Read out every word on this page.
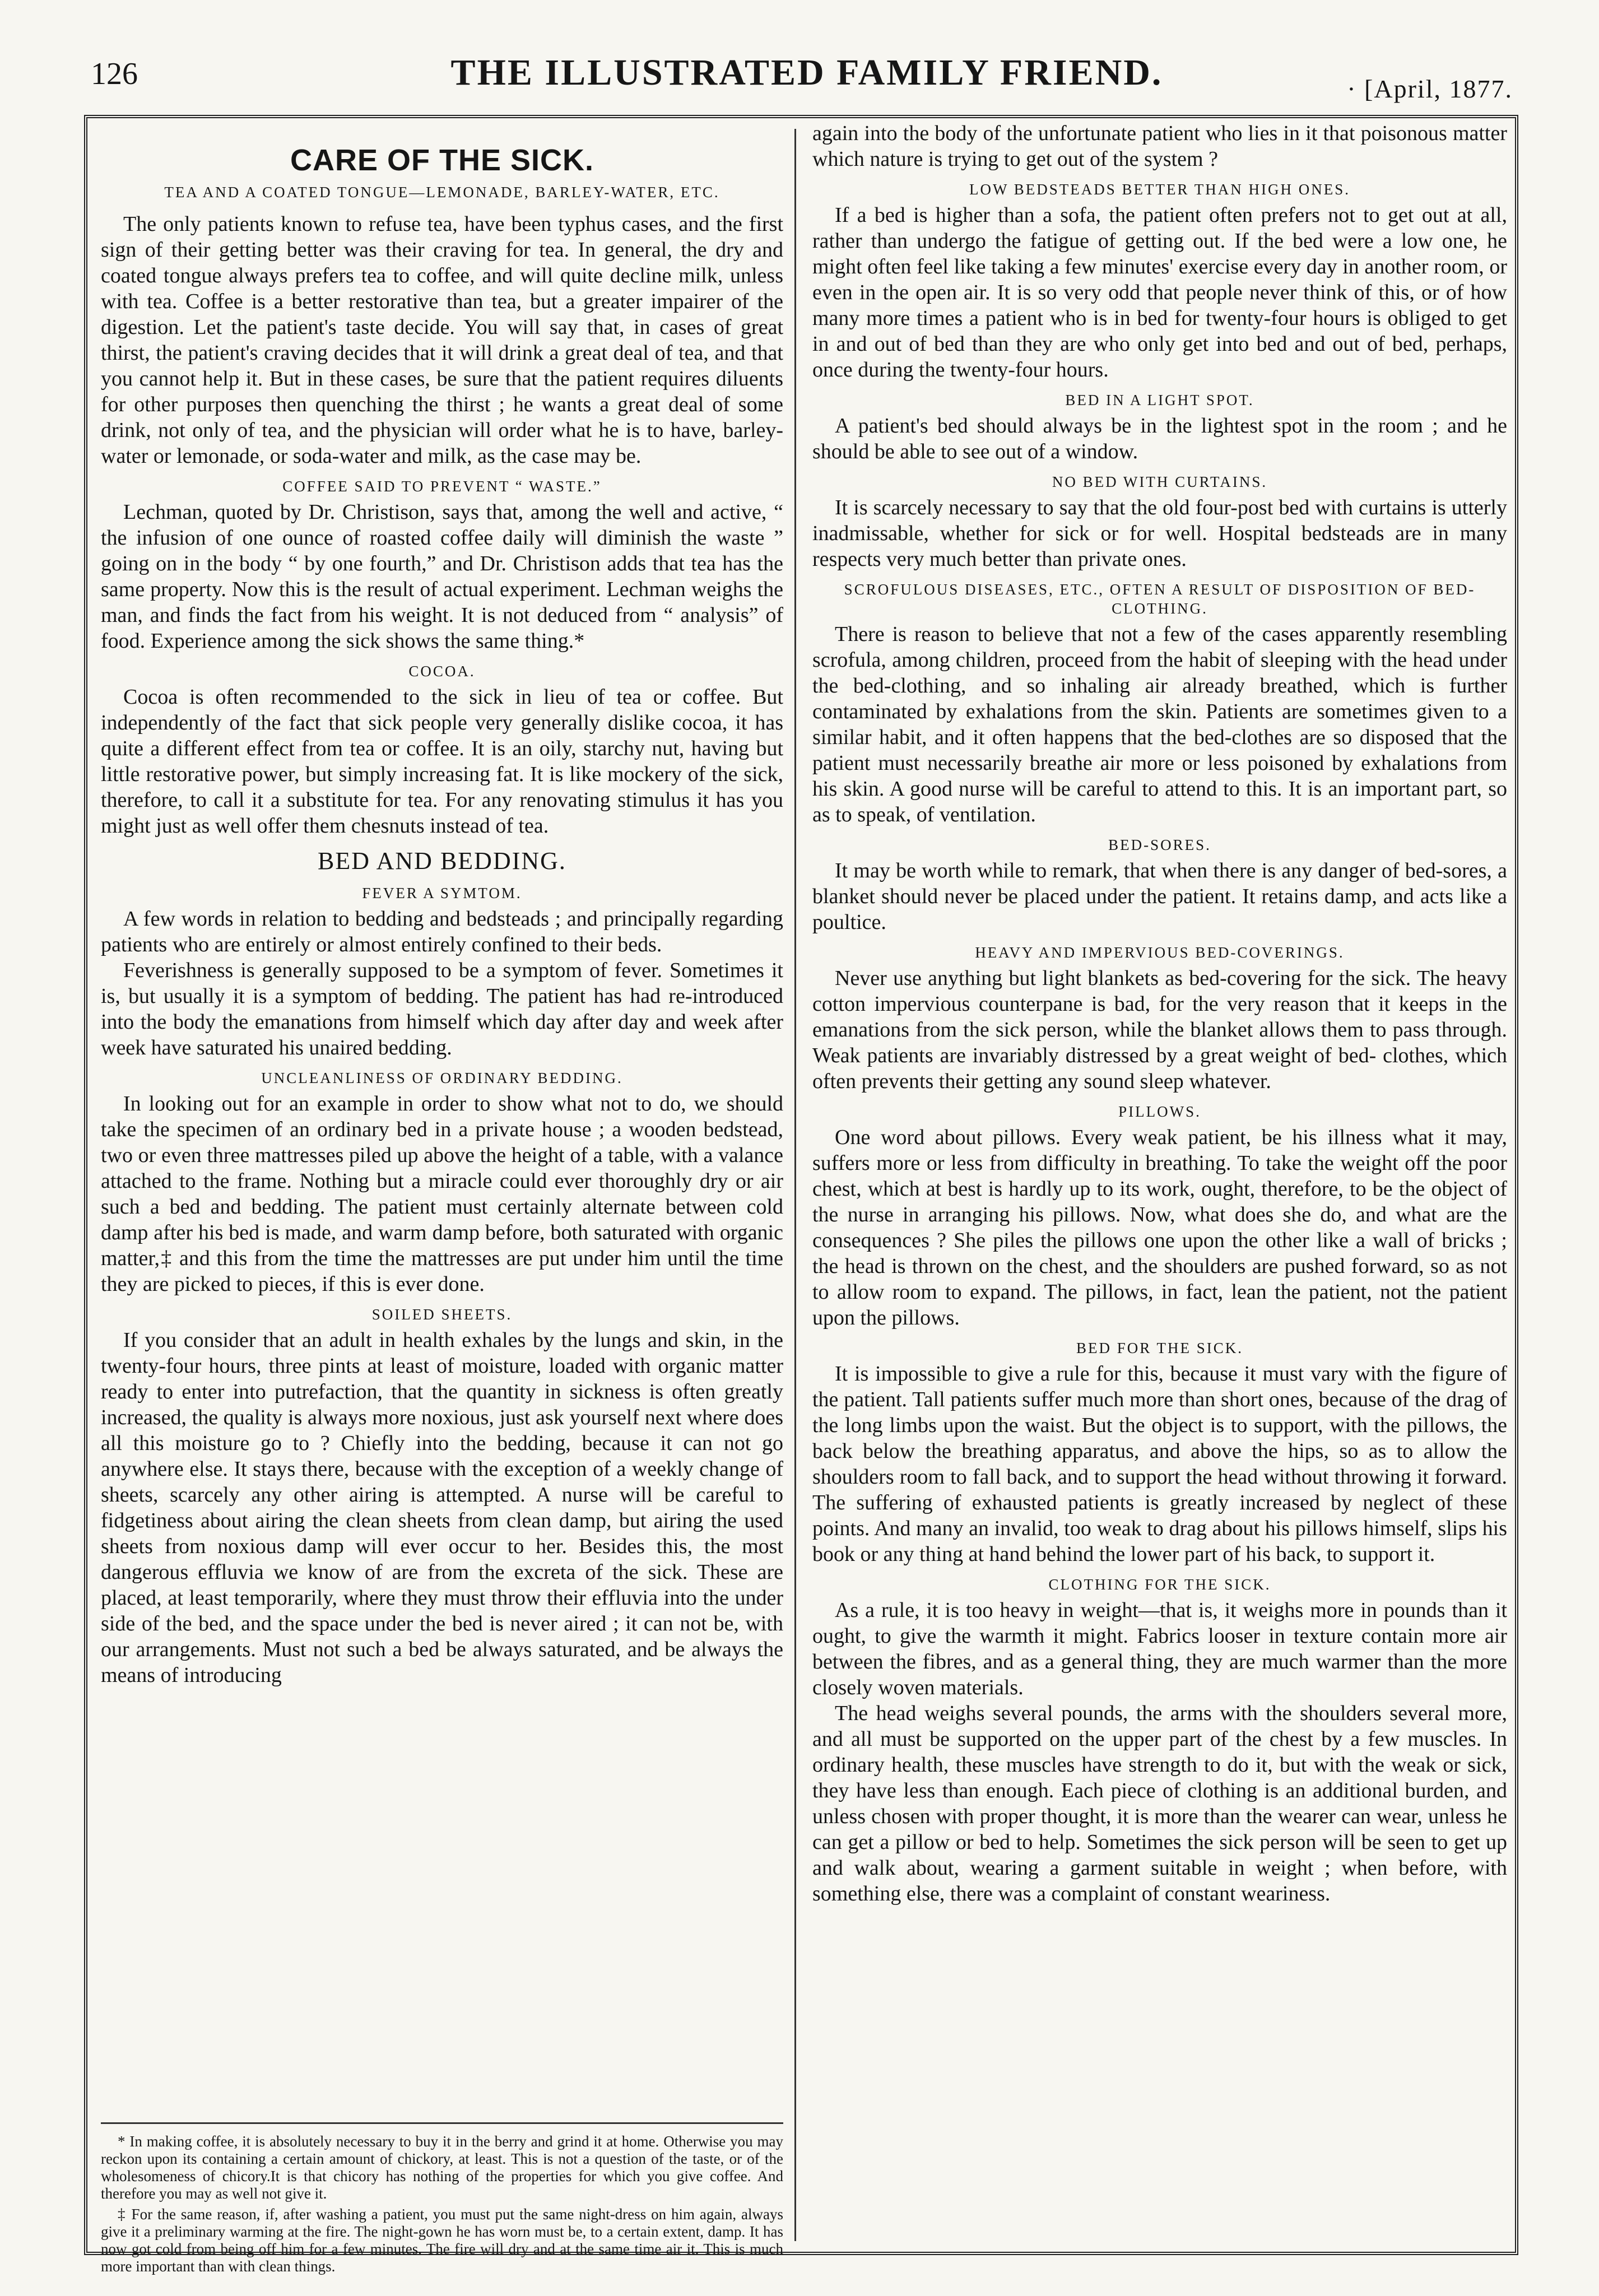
126	THE ILLUSTRATED FAMILY FRIEND.	· [April, 1877.
CARE OF THE SICK.
TEA AND A COATED TONGUE—LEMONADE, BARLEY-WATER, ETC.

The only patients known to refuse tea, have been typhus cases, and the first sign of their getting better was their craving for tea. In general, the dry and coated tongue always prefers tea to coffee, and will quite decline milk, unless with tea. Coffee is a better restorative than tea, but a greater impairer of the digestion. Let the patient's taste decide. You will say that, in cases of great thirst, the patient's craving decides that it will drink a great deal of tea, and that you cannot help it. But in these cases, be sure that the patient requires diluents for other purposes then quenching the thirst ; he wants a great deal of some drink, not only of tea, and the physician will order what he is to have, barley-water or lemonade, or soda-water and milk, as the case may be.

COFFEE SAID TO PREVENT “ WASTE.”

Lechman, quoted by Dr. Christison, says that, among the well and active, “ the infusion of one ounce of roasted coffee daily will diminish the waste ” going on in the body “ by one fourth,” and Dr. Christison adds that tea has the same property. Now this is the result of actual experiment. Lechman weighs the man, and finds the fact from his weight. It is not deduced from “ analysis” of food. Experience among the sick shows the same thing.*

COCOA.

Cocoa is often recommended to the sick in lieu of tea or coffee. But independently of the fact that sick people very generally dislike cocoa, it has quite a different effect from tea or coffee. It is an oily, starchy nut, having but little restorative power, but simply increasing fat. It is like mockery of the sick, therefore, to call it a substitute for tea. For any renovating stimulus it has you might just as well offer them chesnuts instead of tea.

BED AND BEDDING.
FEVER A SYMTOM.

A few words in relation to bedding and bedsteads ; and principally regarding patients who are entirely or almost entirely confined to their beds.

Feverishness is generally supposed to be a symptom of fever. Sometimes it is, but usually it is a symptom of bedding. The patient has had re-introduced into the body the emanations from himself which day after day and week after week have saturated his unaired bedding.

UNCLEANLINESS OF ORDINARY BEDDING.

In looking out for an example in order to show what not to do, we should take the specimen of an ordinary bed in a private house ; a wooden bedstead, two or even three mattresses piled up above the height of a table, with a valance attached to the frame. Nothing but a miracle could ever thoroughly dry or air such a bed and bedding. The patient must certainly alternate between cold damp after his bed is made, and warm damp before, both saturated with organic matter,‡ and this from the time the mattresses are put under him until the time they are picked to pieces, if this is ever done.

SOILED SHEETS.

If you consider that an adult in health exhales by the lungs and skin, in the twenty-four hours, three pints at least of moisture, loaded with organic matter ready to enter into putrefaction, that the quantity in sickness is often greatly increased, the quality is always more noxious, just ask yourself next where does all this moisture go to ? Chiefly into the bedding, because it can not go anywhere else. It stays there, because with the exception of a weekly change of sheets, scarcely any other airing is attempted. A nurse will be careful to fidgetiness about airing the clean sheets from clean damp, but airing the used sheets from noxious damp will ever occur to her. Besides this, the most dangerous effluvia we know of are from the excreta of the sick. These are placed, at least temporarily, where they must throw their effluvia into the under side of the bed, and the space under the bed is never aired ; it can not be, with our arrangements. Must not such a bed be always saturated, and be always the means of introducing

* In making coffee, it is absolutely necessary to buy it in the berry and grind it at home. Otherwise you may reckon upon its containing a certain amount of chickory, at least. This is not a question of the taste, or of the wholesomeness of chicory.It is that chicory has nothing of the properties for which you give coffee. And therefore you may as well not give it.

‡ For the same reason, if, after washing a patient, you must put the same night-dress on him again, always give it a preliminary warming at the fire. The night-gown he has worn must be, to a certain extent, damp. It has now got cold from being off him for a few minutes. The fire will dry and at the same time air it. This is much more important than with clean things.

again into the body of the unfortunate patient who lies in it that poisonous matter which nature is trying to get out of the system ?

LOW BEDSTEADS BETTER THAN HIGH ONES.

If a bed is higher than a sofa, the patient often prefers not to get out at all, rather than undergo the fatigue of getting out. If the bed were a low one, he might often feel like taking a few minutes' exercise every day in another room, or even in the open air. It is so very odd that people never think of this, or of how many more times a patient who is in bed for twenty-four hours is obliged to get in and out of bed than they are who only get into bed and out of bed, perhaps, once during the twenty-four hours.

BED IN A LIGHT SPOT.

A patient's bed should always be in the lightest spot in the room ; and he should be able to see out of a window.

NO BED WITH CURTAINS.

It is scarcely necessary to say that the old four-post bed with curtains is utterly inadmissable, whether for sick or for well. Hospital bedsteads are in many respects very much better than private ones.

SCROFULOUS DISEASES, ETC., OFTEN A RESULT OF DISPOSITION OF BED-CLOTHING.

There is reason to believe that not a few of the cases apparently resembling scrofula, among children, proceed from the habit of sleeping with the head under the bed-clothing, and so inhaling air already breathed, which is further contaminated by exhalations from the skin. Patients are sometimes given to a similar habit, and it often happens that the bed-clothes are so disposed that the patient must necessarily breathe air more or less poisoned by exhalations from his skin. A good nurse will be careful to attend to this. It is an important part, so as to speak, of ventilation.

BED-SORES.

It may be worth while to remark, that when there is any danger of bed-sores, a blanket should never be placed under the patient. It retains damp, and acts like a poultice.

HEAVY AND IMPERVIOUS BED-COVERINGS.

Never use anything but light blankets as bed-covering for the sick. The heavy cotton impervious counterpane is bad, for the very reason that it keeps in the emanations from the sick person, while the blanket allows them to pass through. Weak patients are invariably distressed by a great weight of bed- clothes, which often prevents their getting any sound sleep whatever.

PILLOWS.

One word about pillows. Every weak patient, be his illness what it may, suffers more or less from difficulty in breathing. To take the weight off the poor chest, which at best is hardly up to its work, ought, therefore, to be the object of the nurse in arranging his pillows. Now, what does she do, and what are the consequences ? She piles the pillows one upon the other like a wall of bricks ; the head is thrown on the chest, and the shoulders are pushed forward, so as not to allow room to expand. The pillows, in fact, lean the patient, not the patient upon the pillows.

BED FOR THE SICK.

It is impossible to give a rule for this, because it must vary with the figure of the patient. Tall patients suffer much more than short ones, because of the drag of the long limbs upon the waist. But the object is to support, with the pillows, the back below the breathing apparatus, and above the hips, so as to allow the shoulders room to fall back, and to support the head without throwing it forward. The suffering of exhausted patients is greatly increased by neglect of these points. And many an invalid, too weak to drag about his pillows himself, slips his book or any thing at hand behind the lower part of his back, to support it.

CLOTHING FOR THE SICK.

As a rule, it is too heavy in weight—that is, it weighs more in pounds than it ought, to give the warmth it might. Fabrics looser in texture contain more air between the fibres, and as a general thing, they are much warmer than the more closely woven materials.

The head weighs several pounds, the arms with the shoulders several more, and all must be supported on the upper part of the chest by a few muscles. In ordinary health, these muscles have strength to do it, but with the weak or sick, they have less than enough. Each piece of clothing is an additional burden, and unless chosen with proper thought, it is more than the wearer can wear, unless he can get a pillow or bed to help. Sometimes the sick person will be seen to get up and walk about, wearing a garment suitable in weight ; when before, with something else, there was a complaint of constant weariness.
